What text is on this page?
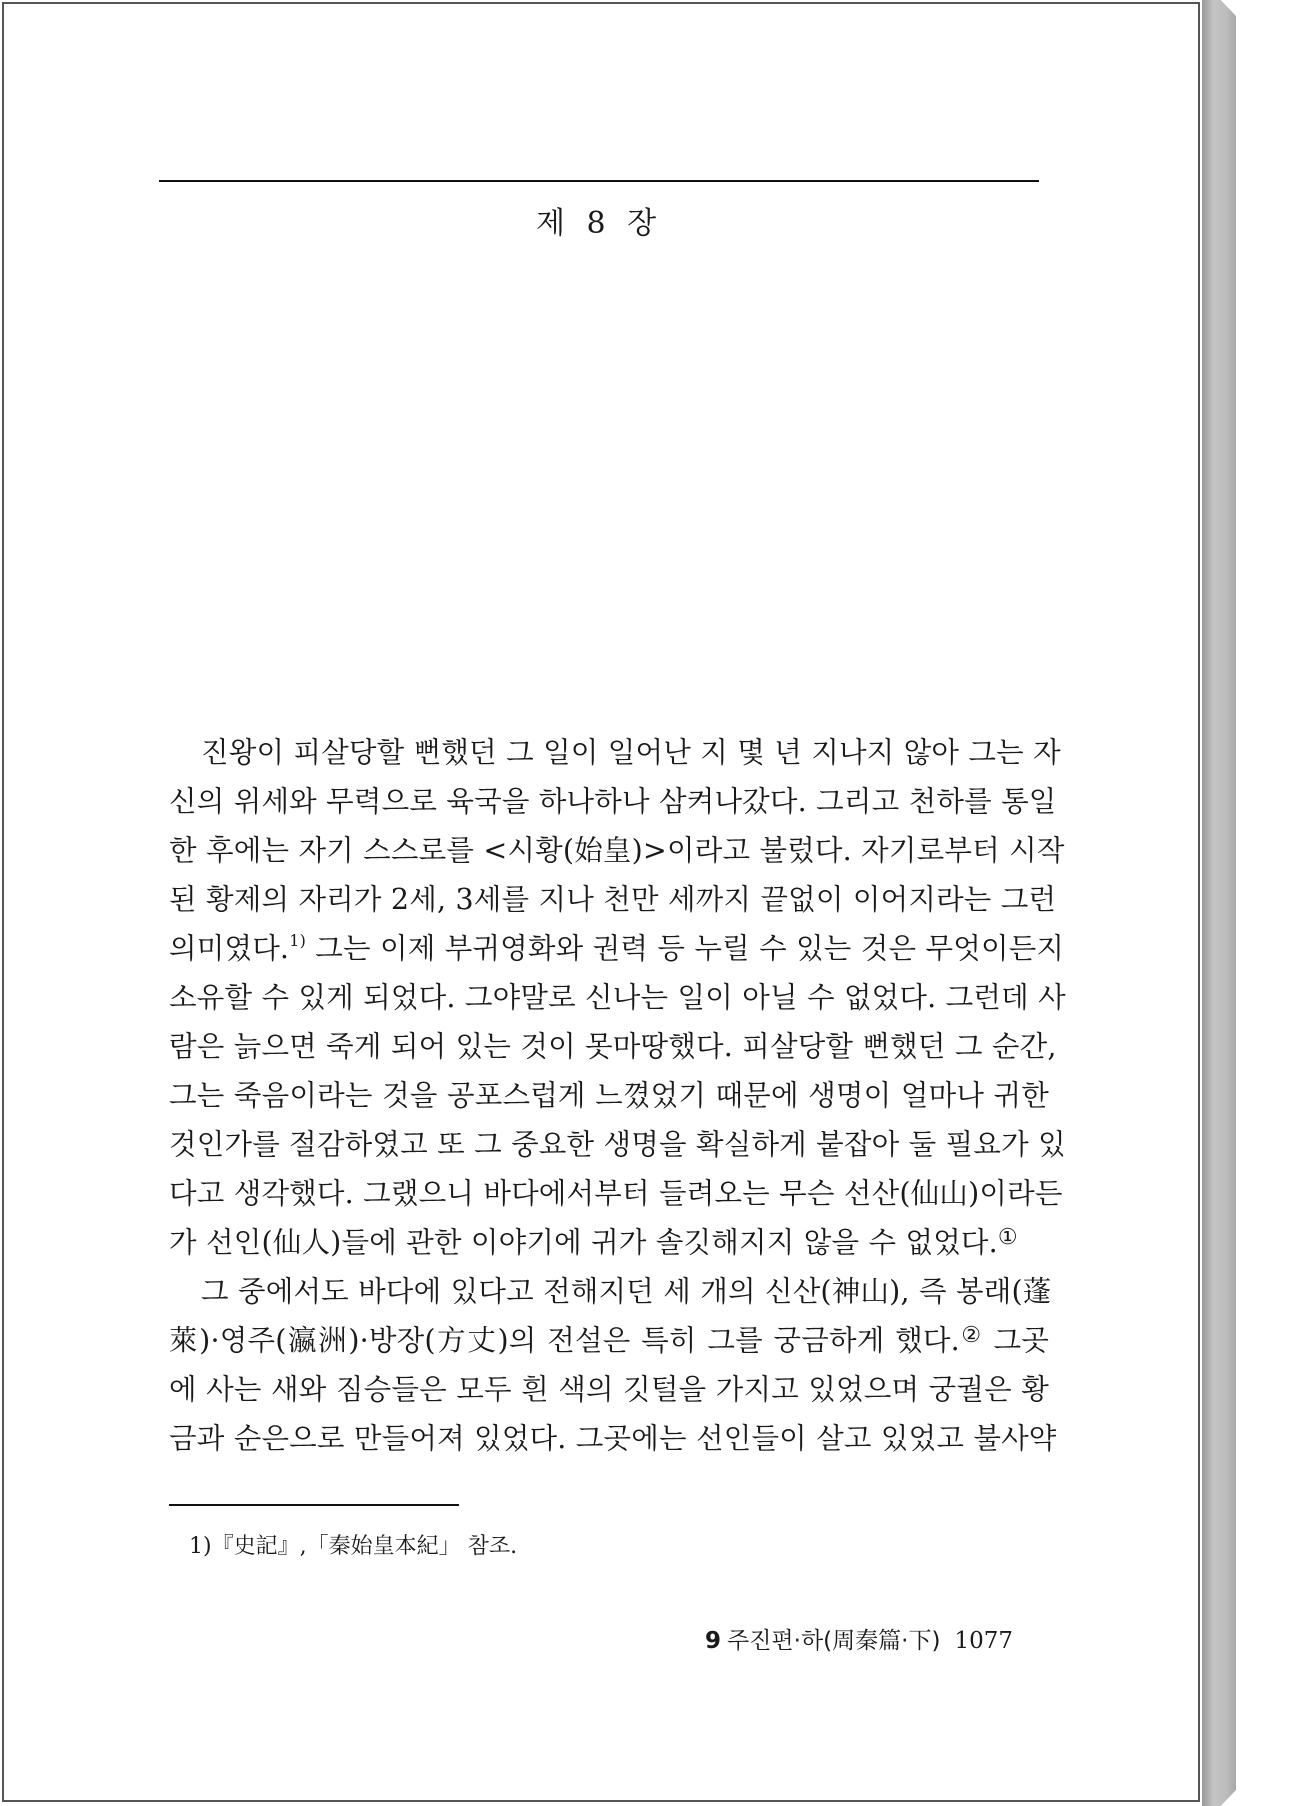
제 8 장
진왕이 피살당할 뻔했던 그 일이 일어난 지 몇 년 지나지 않아 그는 자
신의 위세와 무력으로 육국을 하나하나 삼켜나갔다. 그리고 천하를 통일
한 후에는 자기 스스로를 <시황(始皇)>이라고 불렀다. 자기로부터 시작
된 황제의 자리가 2세, 3세를 지나 천만 세까지 끝없이 이어지라는 그런
의미였다.$^{1)}$ 그는 이제 부귀영화와 권력 등 누릴 수 있는 것은 무엇이든지
소유할 수 있게 되었다. 그야말로 신나는 일이 아닐 수 없었다. 그런데 사
람은 늙으면 죽게 되어 있는 것이 못마땅했다. 피살당할 뻔했던 그 순간,
그는 죽음이라는 것을 공포스럽게 느꼈었기 때문에 생명이 얼마나 귀한
것인가를 절감하였고 또 그 중요한 생명을 확실하게 붙잡아 둘 필요가 있
다고 생각했다. 그랬으니 바다에서부터 들려오는 무슨 선산(仙山)이라든
가 선인(仙人)들에 관한 이야기에 귀가 솔깃해지지 않을 수 없었다.①
그 중에서도 바다에 있다고 전해지던 세 개의 신산(神山), 즉 봉래(蓬
萊)·영주(瀛洲)·방장(方丈)의 전설은 특히 그를 궁금하게 했다.② 그곳
에 사는 새와 짐승들은 모두 흰 색의 깃털을 가지고 있었으며 궁궐은 황
금과 순은으로 만들어져 있었다. 그곳에는 선인들이 살고 있었고 불사약
1)『史記』,「秦始皇本紀」 참조.
9 주진편·하(周秦篇·下) 1077
